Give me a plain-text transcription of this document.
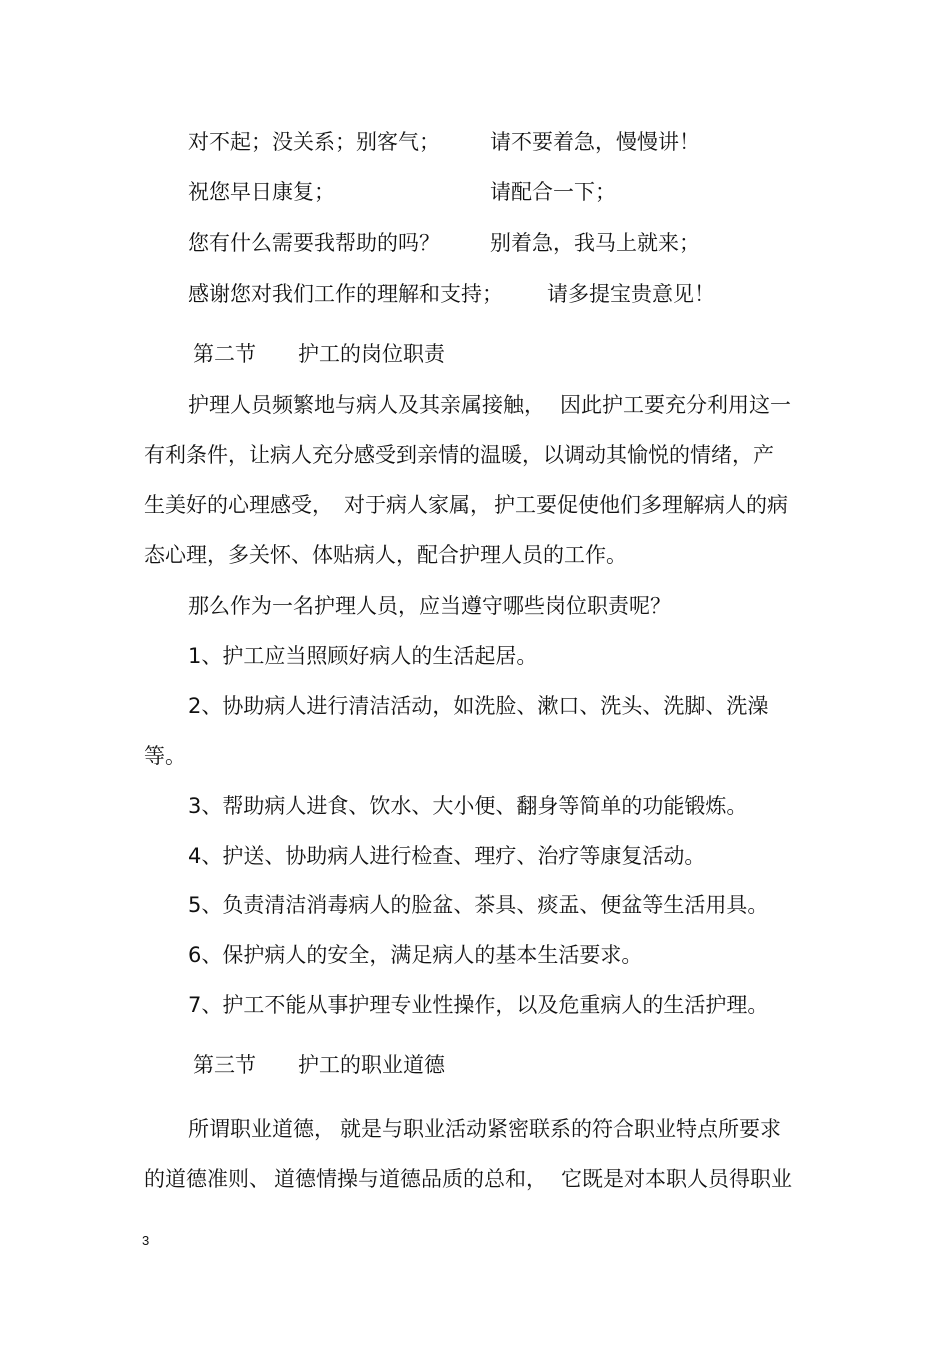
对不起；没关系；别客气； 请不要着急，慢慢讲！

祝您早日康复；	请配合一下；

您有什么需要我帮助的吗？ 别着急，我马上就来；

感谢您对我们工作的理解和支持； 请多提宝贵意见！

第二节 护工的岗位职责

护理人员频繁地与病人及其亲属接触， 因此护工要充分利用这一

有利条件，让病人充分感受到亲情的温暖，以调动其愉悦的情绪，产

生美好的心理感受， 对于病人家属， 护工要促使他们多理解病人的病

态心理，多关怀、体贴病人，配合护理人员的工作。

那么作为一名护理人员，应当遵守哪些岗位职责呢？

1、护工应当照顾好病人的生活起居。

2、协助病人进行清洁活动，如洗脸、漱口、洗头、洗脚、洗澡

等。

3、帮助病人进食、饮水、大小便、翻身等简单的功能锻炼。

4、护送、协助病人进行检查、理疗、治疗等康复活动。

5、负责清洁消毒病人的脸盆、茶具、痰盂、便盆等生活用具。

6、保护病人的安全，满足病人的基本生活要求。

7、护工不能从事护理专业性操作，以及危重病人的生活护理。

第三节 护工的职业道德

所谓职业道德， 就是与职业活动紧密联系的符合职业特点所要求

的道德准则、 道德情操与道德品质的总和， 它既是对本职人员得职业

3
